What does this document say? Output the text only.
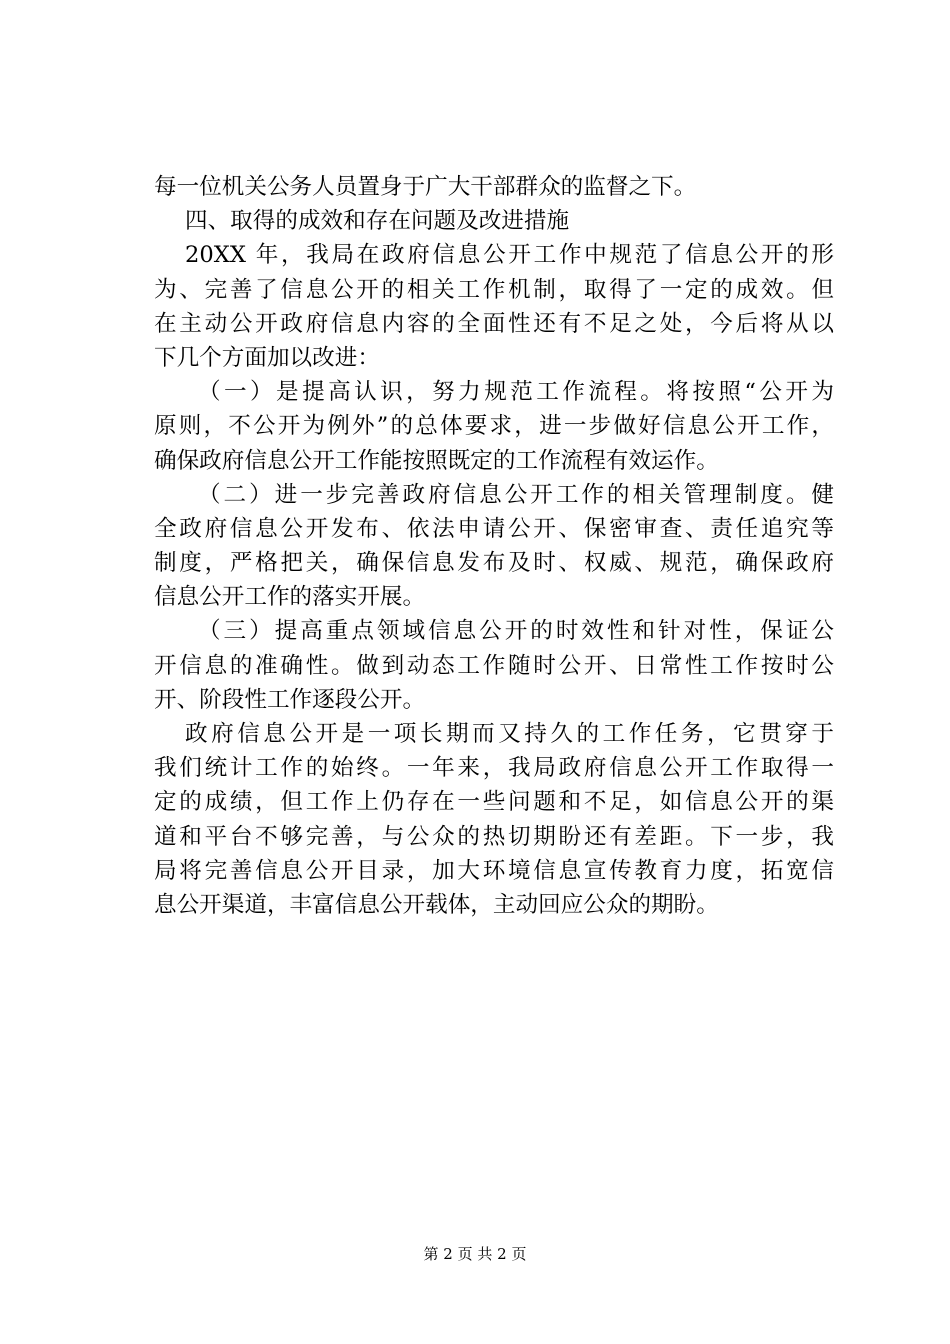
每一位机关公务人员置身于广大干部群众的监督之下。
四、取得的成效和存在问题及改进措施
20XX 年，我局在政府信息公开工作中规范了信息公开的形
为、完善了信息公开的相关工作机制，取得了一定的成效。但
在主动公开政府信息内容的全面性还有不足之处，今后将从以
下几个方面加以改进：
（一）是提高认识，努力规范工作流程。将按照“公开为
原则，不公开为例外”的总体要求，进一步做好信息公开工作，
确保政府信息公开工作能按照既定的工作流程有效运作。
（二）进一步完善政府信息公开工作的相关管理制度。健
全政府信息公开发布、依法申请公开、保密审查、责任追究等
制度，严格把关，确保信息发布及时、权威、规范，确保政府
信息公开工作的落实开展。
（三）提高重点领域信息公开的时效性和针对性，保证公
开信息的准确性。做到动态工作随时公开、日常性工作按时公
开、阶段性工作逐段公开。
政府信息公开是一项长期而又持久的工作任务，它贯穿于
我们统计工作的始终。一年来，我局政府信息公开工作取得一
定的成绩，但工作上仍存在一些问题和不足，如信息公开的渠
道和平台不够完善，与公众的热切期盼还有差距。下一步，我
局将完善信息公开目录，加大环境信息宣传教育力度，拓宽信
息公开渠道，丰富信息公开载体，主动回应公众的期盼。
第 2 页 共 2 页
